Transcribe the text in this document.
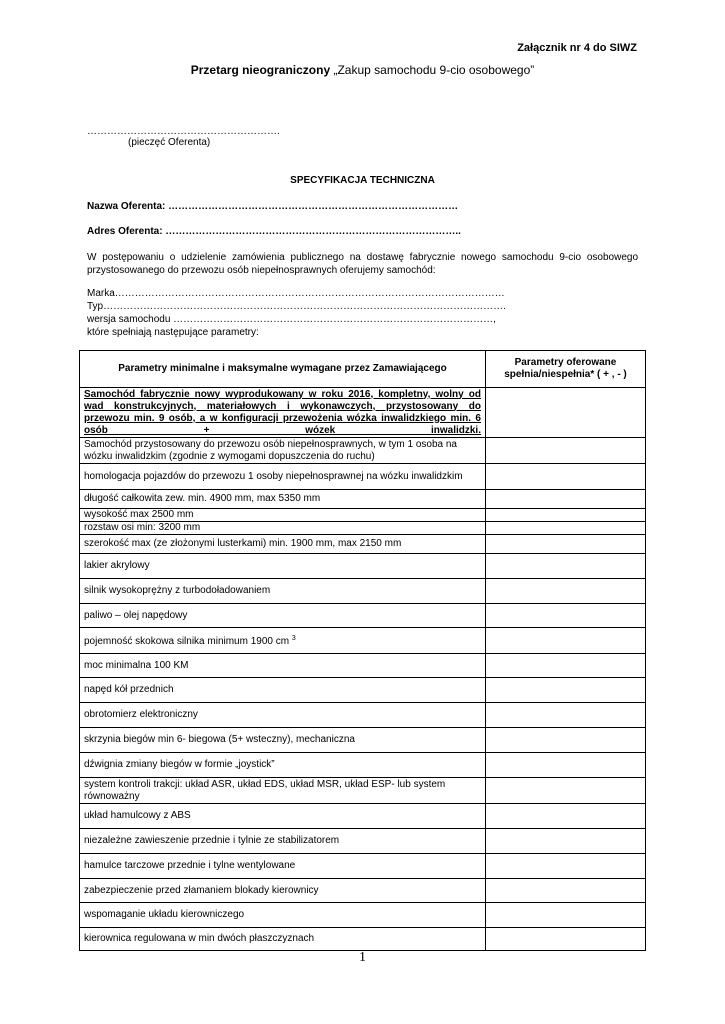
Załącznik nr 4 do SIWZ
Przetarg nieograniczony „Zakup samochodu 9-cio osobowego”
………………………………………………….
(pieczęć Oferenta)
SPECYFIKACJA TECHNICZNA
Nazwa Oferenta: ……………………………………………………………………………
Adres Oferenta: ……………………………………………………………………………..
W postępowaniu o udzielenie zamówienia publicznego na dostawę fabrycznie nowego samochodu 9-cio osobowego przystosowanego do przewozu osób niepełnosprawnych oferujemy samochód:
Marka………………………………………………………………………………………………………
Typ………………………………………………………………………………………………………….
wersja samochodu ……………………………………………………………………………………,
które spełniają następujące parametry:
Parametry minimalne i maksymalne wymagane przez Zamawiającego	Parametry oferowane spełnia/niespełnia* ( + , - )
Samochód fabrycznie nowy wyprodukowany w roku 2016, kompletny, wolny od wad konstrukcyjnych, materiałowych i wykonawczych, przystosowany do przewozu min. 9 osób, a w konfiguracji przewożenia wózka inwalidzkiego min. 6 osób + wózek inwalidzki.	
Samochód przystosowany do przewozu osób niepełnosprawnych, w tym 1 osoba na wózku inwalidzkim (zgodnie z wymogami dopuszczenia do ruchu)	
homologacja pojazdów do przewozu 1 osoby niepełnosprawnej na wózku inwalidzkim	
długość całkowita zew. min. 4900 mm, max 5350 mm	
wysokość max 2500 mm	
rozstaw osi min: 3200 mm	
szerokość max (ze złożonymi lusterkami) min. 1900 mm, max 2150 mm	
lakier akrylowy	
silnik wysokoprężny z turbodoładowaniem	
paliwo – olej napędowy	
pojemność skokowa silnika minimum 1900 cm $^3$	
moc minimalna 100 KM	
napęd kół przednich	
obrotomierz elektroniczny	
skrzynia biegów min 6- biegowa (5+ wsteczny), mechaniczna	
dźwignia zmiany biegów w formie „joystick”	
system kontroli trakcji: układ ASR, układ EDS, układ MSR, układ ESP- lub system równoważny	
układ hamulcowy z ABS	
niezależne zawieszenie przednie i tylnie ze stabilizatorem	
hamulce tarczowe przednie i tylne wentylowane	
zabezpieczenie przed złamaniem blokady kierownicy	
wspomaganie układu kierowniczego	
kierownica regulowana w min dwóch płaszczyznach	
1
